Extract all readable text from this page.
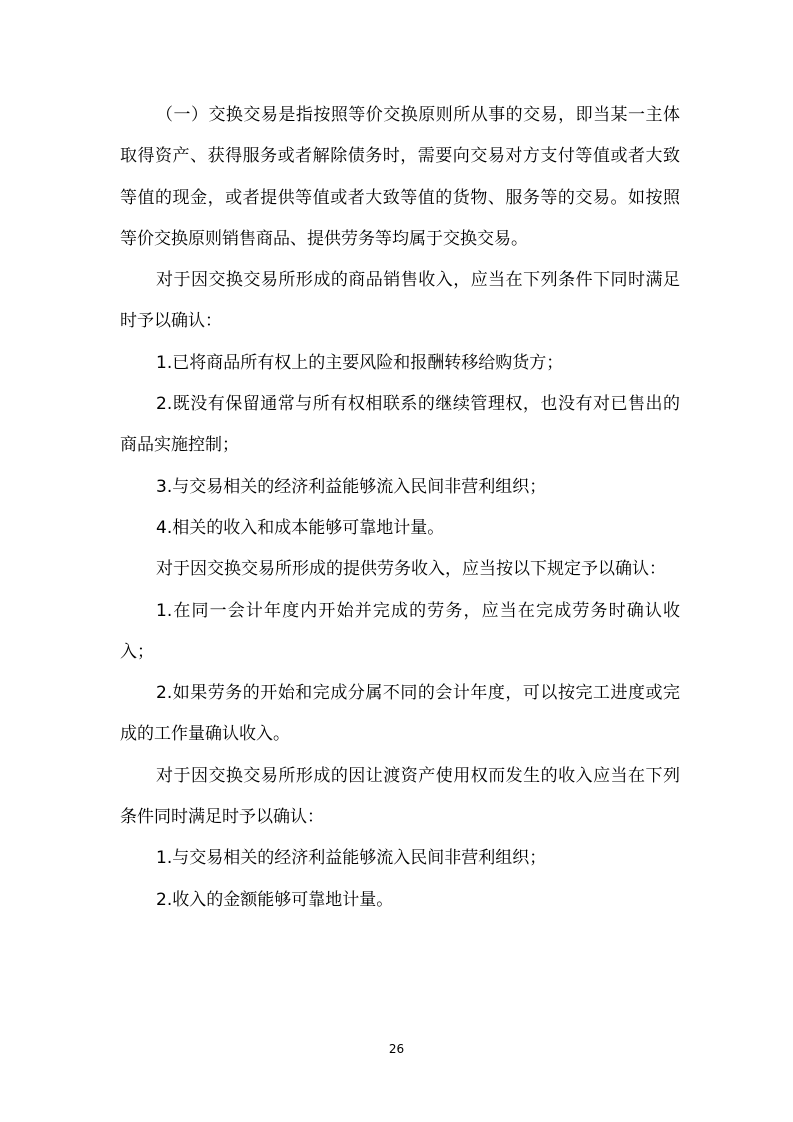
（一）交换交易是指按照等价交换原则所从事的交易，即当某一主体取得资产、获得服务或者解除债务时，需要向交易对方支付等值或者大致等值的现金，或者提供等值或者大致等值的货物、服务等的交易。如按照等价交换原则销售商品、提供劳务等均属于交换交易。

对于因交换交易所形成的商品销售收入，应当在下列条件下同时满足时予以确认：

1.已将商品所有权上的主要风险和报酬转移给购货方；

2.既没有保留通常与所有权相联系的继续管理权，也没有对已售出的商品实施控制；

3.与交易相关的经济利益能够流入民间非营利组织；

4.相关的收入和成本能够可靠地计量。

对于因交换交易所形成的提供劳务收入，应当按以下规定予以确认：

1.在同一会计年度内开始并完成的劳务，应当在完成劳务时确认收入；

2.如果劳务的开始和完成分属不同的会计年度，可以按完工进度或完成的工作量确认收入。

对于因交换交易所形成的因让渡资产使用权而发生的收入应当在下列条件同时满足时予以确认：

1.与交易相关的经济利益能够流入民间非营利组织；

2.收入的金额能够可靠地计量。

26
